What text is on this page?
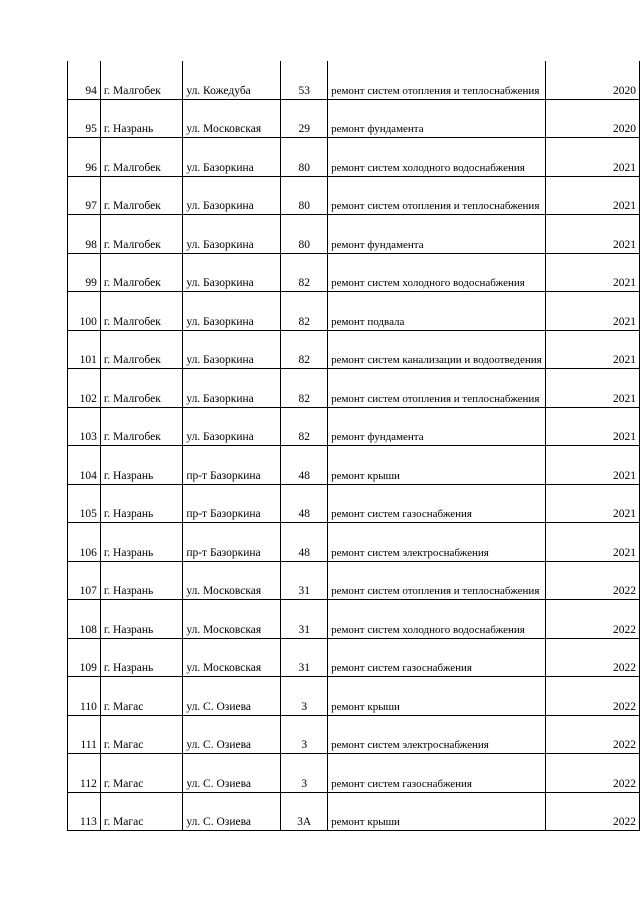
94	г. Малгобек	ул. Кожедуба	53	ремонт систем отопления и теплоснабжения	2020
95	г. Назрань	ул. Московская	29	ремонт фундамента	2020
96	г. Малгобек	ул. Базоркина	80	ремонт систем холодного водоснабжения	2021
97	г. Малгобек	ул. Базоркина	80	ремонт систем отопления и теплоснабжения	2021
98	г. Малгобек	ул. Базоркина	80	ремонт фундамента	2021
99	г. Малгобек	ул. Базоркина	82	ремонт систем холодного водоснабжения	2021
100	г. Малгобек	ул. Базоркина	82	ремонт подвала	2021
101	г. Малгобек	ул. Базоркина	82	ремонт систем канализации и водоотведения	2021
102	г. Малгобек	ул. Базоркина	82	ремонт систем отопления и теплоснабжения	2021
103	г. Малгобек	ул. Базоркина	82	ремонт фундамента	2021
104	г. Назрань	пр-т Базоркина	48	ремонт крыши	2021
105	г. Назрань	пр-т Базоркина	48	ремонт систем газоснабжения	2021
106	г. Назрань	пр-т Базоркина	48	ремонт систем электроснабжения	2021
107	г. Назрань	ул. Московская	31	ремонт систем отопления и теплоснабжения	2022
108	г. Назрань	ул. Московская	31	ремонт систем холодного водоснабжения	2022
109	г. Назрань	ул. Московская	31	ремонт систем газоснабжения	2022
110	г. Магас	ул. С. Озиева	3	ремонт крыши	2022
111	г. Магас	ул. С. Озиева	3	ремонт систем электроснабжения	2022
112	г. Магас	ул. С. Озиева	3	ремонт систем газоснабжения	2022
113	г. Магас	ул. С. Озиева	3А	ремонт крыши	2022
